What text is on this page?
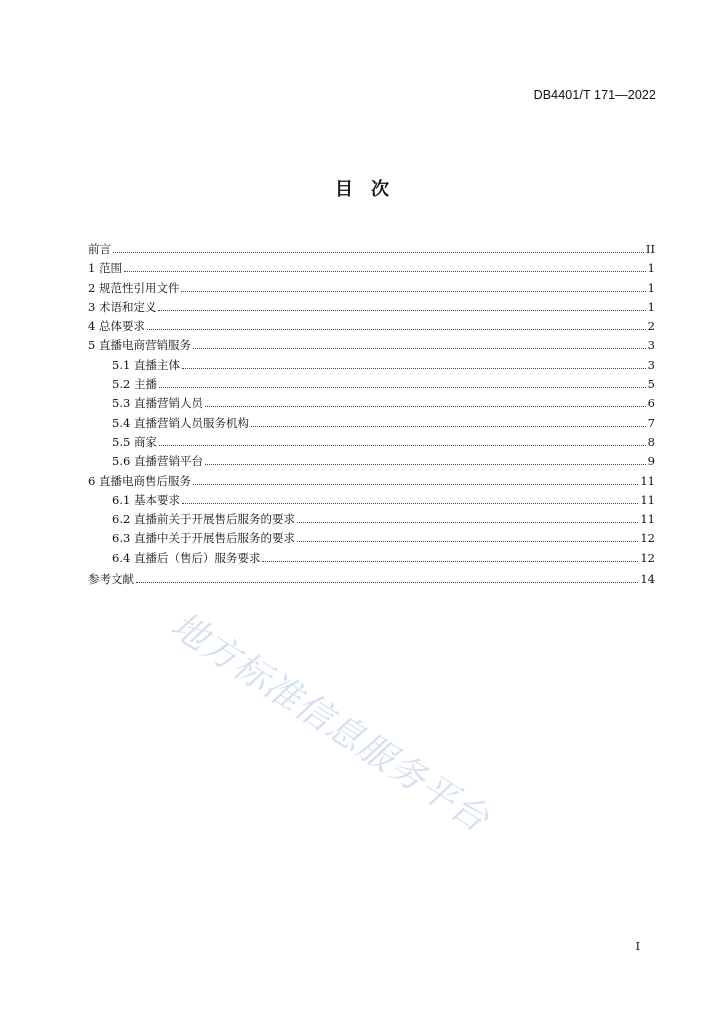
DB4401/T 171—2022
目　次
前言	II
1 范围	1
2 规范性引用文件	1
3 术语和定义	1
4 总体要求	2
5 直播电商营销服务	3
5.1 直播主体	3
5.2 主播	5
5.3 直播营销人员	6
5.4 直播营销人员服务机构	7
5.5 商家	8
5.6 直播营销平台	9
6 直播电商售后服务	11
6.1 基本要求	11
6.2 直播前关于开展售后服务的要求	11
6.3 直播中关于开展售后服务的要求	12
6.4 直播后（售后）服务要求	12
参考文献	14
地方标准信息服务平台
I
